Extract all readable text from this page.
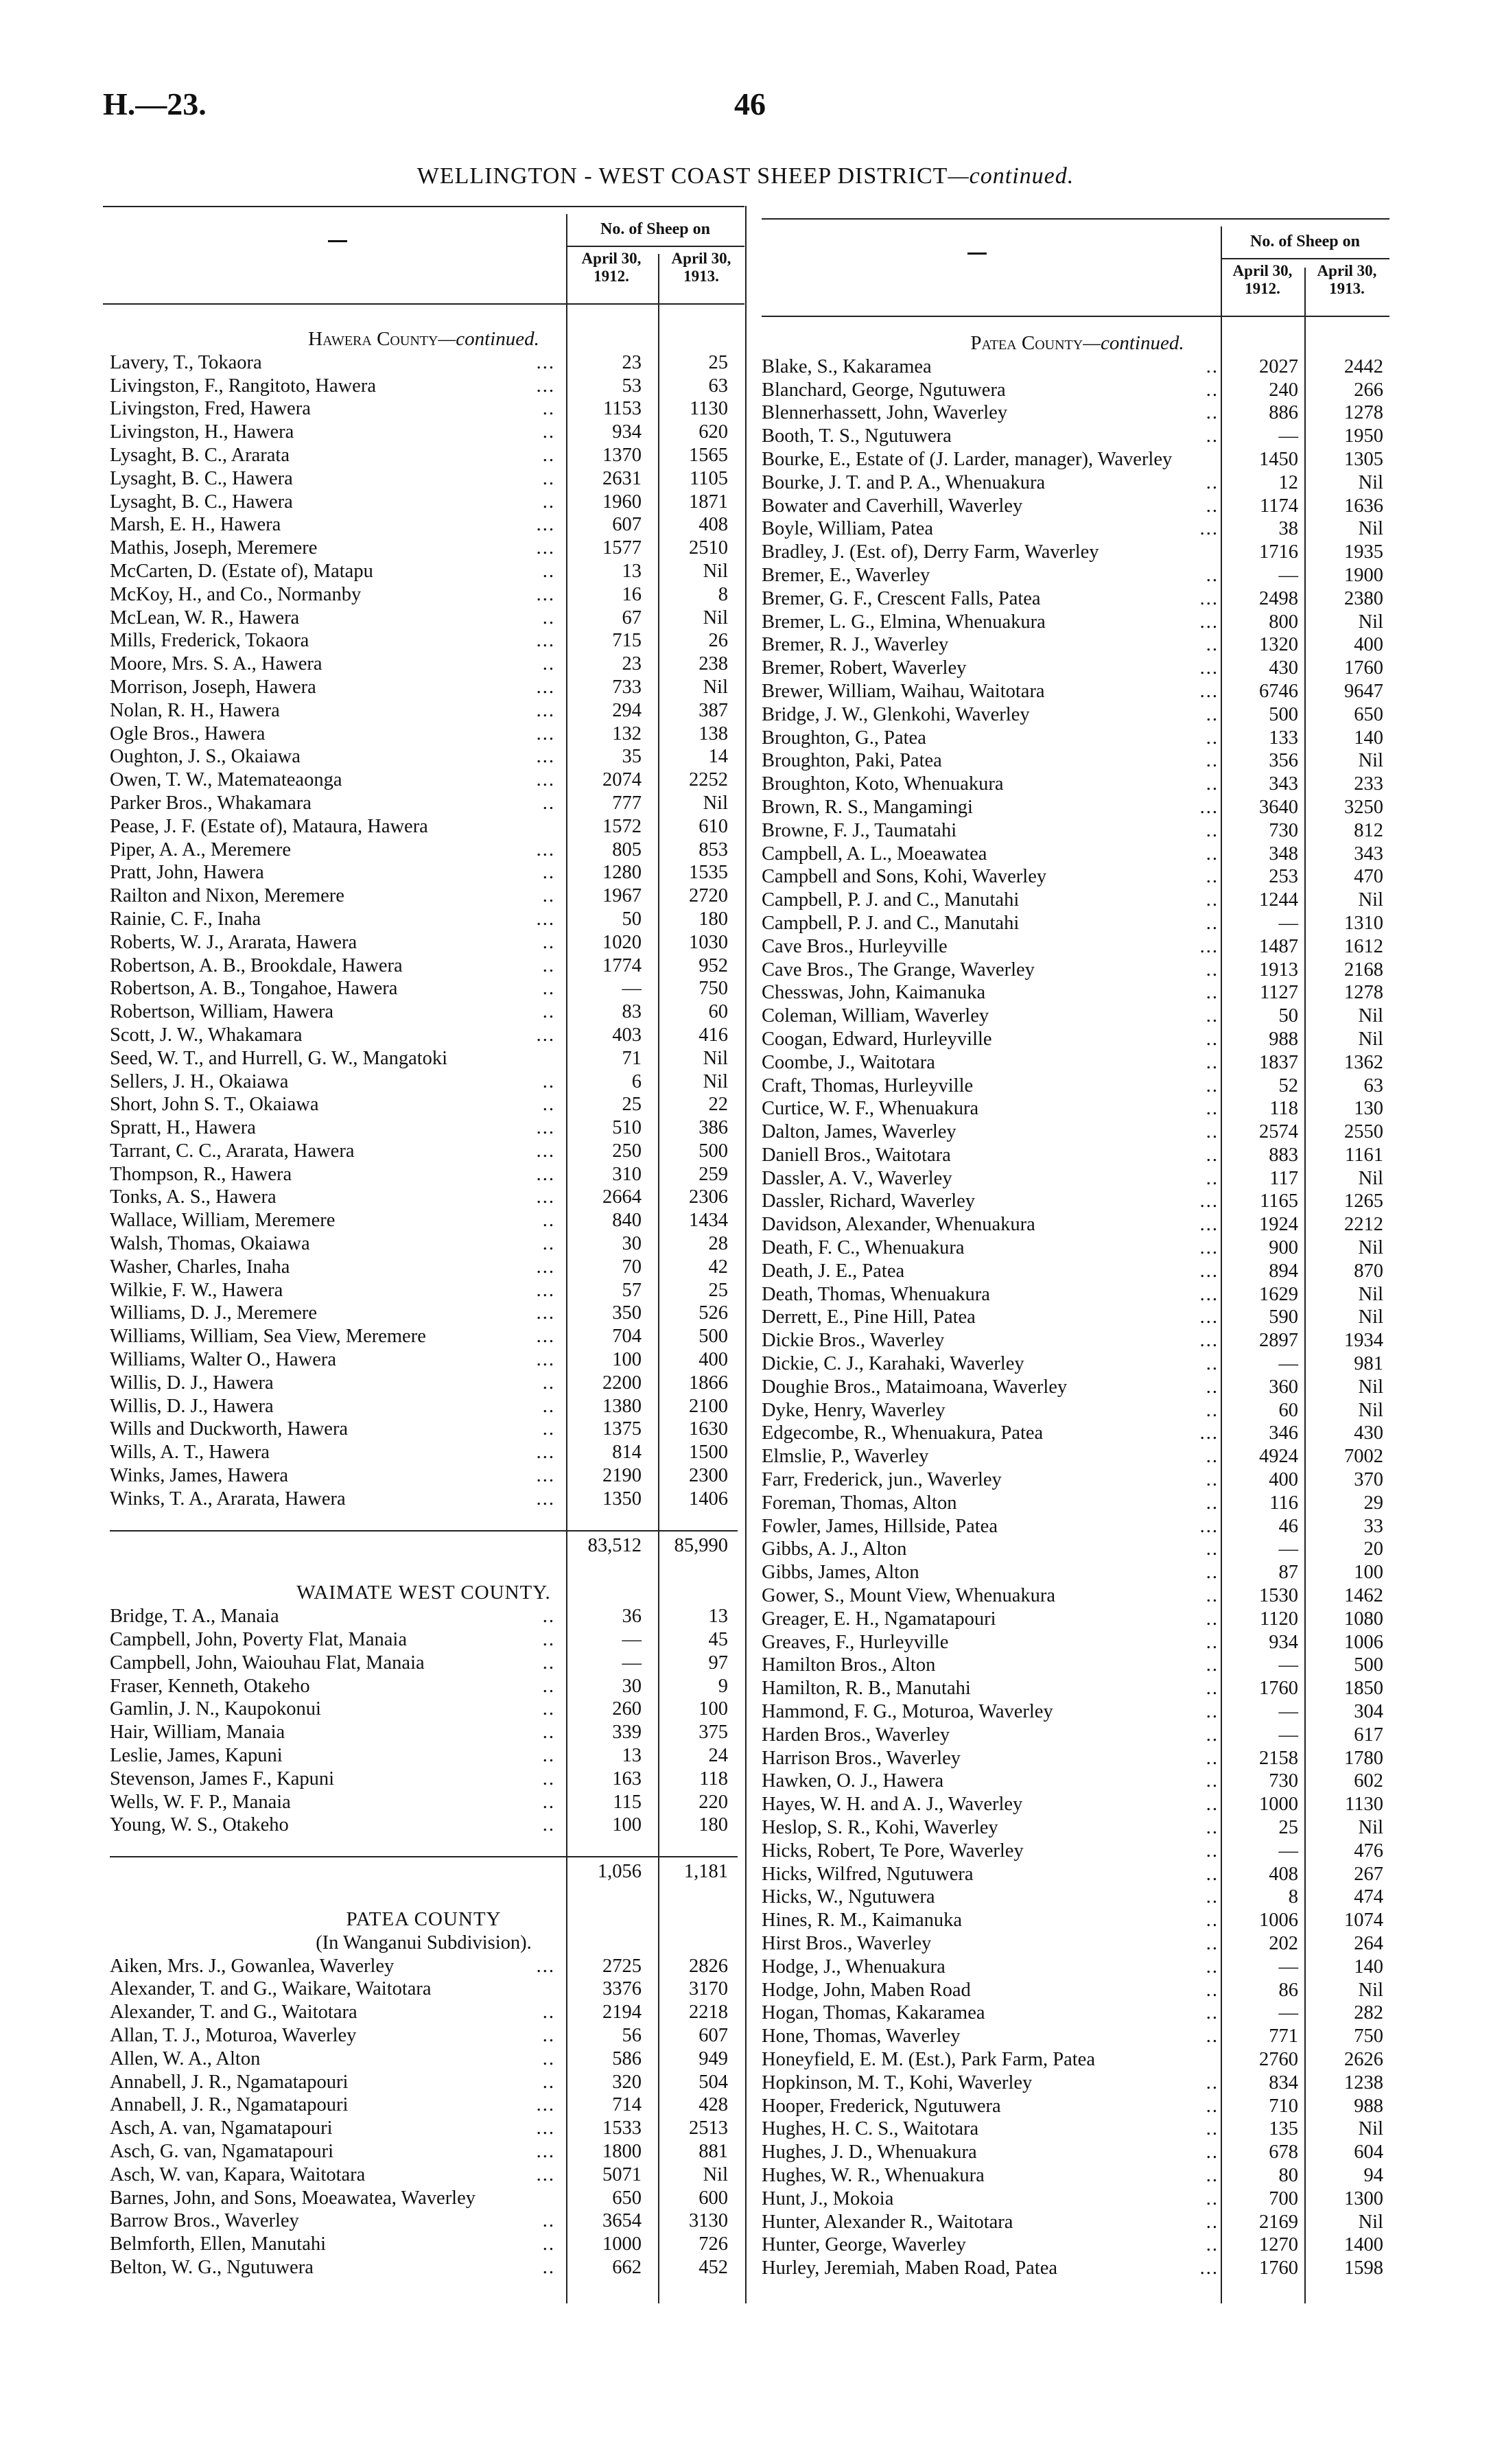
H.—23.	46
WELLINGTON - WEST COAST SHEEP DISTRICT—continued.
No. of Sheep on
April 30, 1912.
April 30, 1913.
No. of Sheep on
April 30, 1912.
April 30, 1913.
Hawera County—continued.
Lavery, T., Tokaora	...	23	25
Livingston, F., Rangitoto, Hawera	...	53	63
Livingston, Fred, Hawera	..	1153	1130
Livingston, H., Hawera	..	934	620
Lysaght, B. C., Ararata	..	1370	1565
Lysaght, B. C., Hawera	..	2631	1105
Lysaght, B. C., Hawera	..	1960	1871
Marsh, E. H., Hawera	...	607	408
Mathis, Joseph, Meremere	...	1577	2510
McCarten, D. (Estate of), Matapu	..	13	Nil
McKoy, H., and Co., Normanby	...	16	8
McLean, W. R., Hawera	..	67	Nil
Mills, Frederick, Tokaora	...	715	26
Moore, Mrs. S. A., Hawera	..	23	238
Morrison, Joseph, Hawera	...	733	Nil
Nolan, R. H., Hawera	...	294	387
Ogle Bros., Hawera	...	132	138
Oughton, J. S., Okaiawa	...	35	14
Owen, T. W., Matemateaonga	...	2074	2252
Parker Bros., Whakamara	..	777	Nil
Pease, J. F. (Estate of), Mataura, Hawera	1572	610
Piper, A. A., Meremere	...	805	853
Pratt, John, Hawera	..	1280	1535
Railton and Nixon, Meremere	..	1967	2720
Rainie, C. F., Inaha	...	50	180
Roberts, W. J., Ararata, Hawera	..	1020	1030
Robertson, A. B., Brookdale, Hawera	..	1774	952
Robertson, A. B., Tongahoe, Hawera	..	—	750
Robertson, William, Hawera	..	83	60
Scott, J. W., Whakamara	...	403	416
Seed, W. T., and Hurrell, G. W., Mangatoki	71	Nil
Sellers, J. H., Okaiawa	..	6	Nil
Short, John S. T., Okaiawa	..	25	22
Spratt, H., Hawera	...	510	386
Tarrant, C. C., Ararata, Hawera	...	250	500
Thompson, R., Hawera	...	310	259
Tonks, A. S., Hawera	...	2664	2306
Wallace, William, Meremere	..	840	1434
Walsh, Thomas, Okaiawa	..	30	28
Washer, Charles, Inaha	...	70	42
Wilkie, F. W., Hawera	...	57	25
Williams, D. J., Meremere	...	350	526
Williams, William, Sea View, Meremere	...	704	500
Williams, Walter O., Hawera	...	100	400
Willis, D. J., Hawera	..	2200	1866
Willis, D. J., Hawera	..	1380	2100
Wills and Duckworth, Hawera	..	1375	1630
Wills, A. T., Hawera	...	814	1500
Winks, James, Hawera	...	2190	2300
Winks, T. A., Ararata, Hawera	...	1350	1406
83,512	85,990
WAIMATE WEST COUNTY.
Bridge, T. A., Manaia	..	36	13
Campbell, John, Poverty Flat, Manaia	..	—	45
Campbell, John, Waiouhau Flat, Manaia	..	—	97
Fraser, Kenneth, Otakeho	..	30	9
Gamlin, J. N., Kaupokonui	..	260	100
Hair, William, Manaia	..	339	375
Leslie, James, Kapuni	..	13	24
Stevenson, James F., Kapuni	..	163	118
Wells, W. F. P., Manaia	..	115	220
Young, W. S., Otakeho	..	100	180
1,056	1,181
PATEA COUNTY
(In Wanganui Subdivision).
Aiken, Mrs. J., Gowanlea, Waverley	...	2725	2826
Alexander, T. and G., Waikare, Waitotara	3376	3170
Alexander, T. and G., Waitotara	..	2194	2218
Allan, T. J., Moturoa, Waverley	..	56	607
Allen, W. A., Alton	..	586	949
Annabell, J. R., Ngamatapouri	..	320	504
Annabell, J. R., Ngamatapouri	...	714	428
Asch, A. van, Ngamatapouri	...	1533	2513
Asch, G. van, Ngamatapouri	...	1800	881
Asch, W. van, Kapara, Waitotara	...	5071	Nil
Barnes, John, and Sons, Moeawatea, Waverley	650	600
Barrow Bros., Waverley	..	3654	3130
Belmforth, Ellen, Manutahi	..	1000	726
Belton, W. G., Ngutuwera	..	662	452
Patea County—continued.
Blake, S., Kakaramea	..	2027	2442
Blanchard, George, Ngutuwera	..	240	266
Blennerhassett, John, Waverley	..	886	1278
Booth, T. S., Ngutuwera	..	—	1950
Bourke, E., Estate of (J. Larder, manager), Waverley	1450	1305
Bourke, J. T. and P. A., Whenuakura	..	12	Nil
Bowater and Caverhill, Waverley	..	1174	1636
Boyle, William, Patea	...	38	Nil
Bradley, J. (Est. of), Derry Farm, Waverley	1716	1935
Bremer, E., Waverley	..	—	1900
Bremer, G. F., Crescent Falls, Patea	...	2498	2380
Bremer, L. G., Elmina, Whenuakura	...	800	Nil
Bremer, R. J., Waverley	..	1320	400
Bremer, Robert, Waverley	...	430	1760
Brewer, William, Waihau, Waitotara	...	6746	9647
Bridge, J. W., Glenkohi, Waverley	..	500	650
Broughton, G., Patea	..	133	140
Broughton, Paki, Patea	..	356	Nil
Broughton, Koto, Whenuakura	..	343	233
Brown, R. S., Mangamingi	...	3640	3250
Browne, F. J., Taumatahi	..	730	812
Campbell, A. L., Moeawatea	..	348	343
Campbell and Sons, Kohi, Waverley	..	253	470
Campbell, P. J. and C., Manutahi	..	1244	Nil
Campbell, P. J. and C., Manutahi	..	—	1310
Cave Bros., Hurleyville	...	1487	1612
Cave Bros., The Grange, Waverley	..	1913	2168
Chesswas, John, Kaimanuka	..	1127	1278
Coleman, William, Waverley	..	50	Nil
Coogan, Edward, Hurleyville	..	988	Nil
Coombe, J., Waitotara	..	1837	1362
Craft, Thomas, Hurleyville	..	52	63
Curtice, W. F., Whenuakura	..	118	130
Dalton, James, Waverley	..	2574	2550
Daniell Bros., Waitotara	..	883	1161
Dassler, A. V., Waverley	..	117	Nil
Dassler, Richard, Waverley	...	1165	1265
Davidson, Alexander, Whenuakura	...	1924	2212
Death, F. C., Whenuakura	...	900	Nil
Death, J. E., Patea	...	894	870
Death, Thomas, Whenuakura	...	1629	Nil
Derrett, E., Pine Hill, Patea	...	590	Nil
Dickie Bros., Waverley	...	2897	1934
Dickie, C. J., Karahaki, Waverley	..	—	981
Doughie Bros., Mataimoana, Waverley	..	360	Nil
Dyke, Henry, Waverley	..	60	Nil
Edgecombe, R., Whenuakura, Patea	...	346	430
Elmslie, P., Waverley	..	4924	7002
Farr, Frederick, jun., Waverley	..	400	370
Foreman, Thomas, Alton	..	116	29
Fowler, James, Hillside, Patea	...	46	33
Gibbs, A. J., Alton	..	—	20
Gibbs, James, Alton	..	87	100
Gower, S., Mount View, Whenuakura	..	1530	1462
Greager, E. H., Ngamatapouri	..	1120	1080
Greaves, F., Hurleyville	..	934	1006
Hamilton Bros., Alton	..	—	500
Hamilton, R. B., Manutahi	..	1760	1850
Hammond, F. G., Moturoa, Waverley	..	—	304
Harden Bros., Waverley	..	—	617
Harrison Bros., Waverley	..	2158	1780
Hawken, O. J., Hawera	..	730	602
Hayes, W. H. and A. J., Waverley	..	1000	1130
Heslop, S. R., Kohi, Waverley	..	25	Nil
Hicks, Robert, Te Pore, Waverley	..	—	476
Hicks, Wilfred, Ngutuwera	..	408	267
Hicks, W., Ngutuwera	..	8	474
Hines, R. M., Kaimanuka	..	1006	1074
Hirst Bros., Waverley	..	202	264
Hodge, J., Whenuakura	..	—	140
Hodge, John, Maben Road	..	86	Nil
Hogan, Thomas, Kakaramea	..	—	282
Hone, Thomas, Waverley	..	771	750
Honeyfield, E. M. (Est.), Park Farm, Patea	2760	2626
Hopkinson, M. T., Kohi, Waverley	..	834	1238
Hooper, Frederick, Ngutuwera	..	710	988
Hughes, H. C. S., Waitotara	..	135	Nil
Hughes, J. D., Whenuakura	..	678	604
Hughes, W. R., Whenuakura	..	80	94
Hunt, J., Mokoia	..	700	1300
Hunter, Alexander R., Waitotara	..	2169	Nil
Hunter, George, Waverley	..	1270	1400
Hurley, Jeremiah, Maben Road, Patea	...	1760	1598
